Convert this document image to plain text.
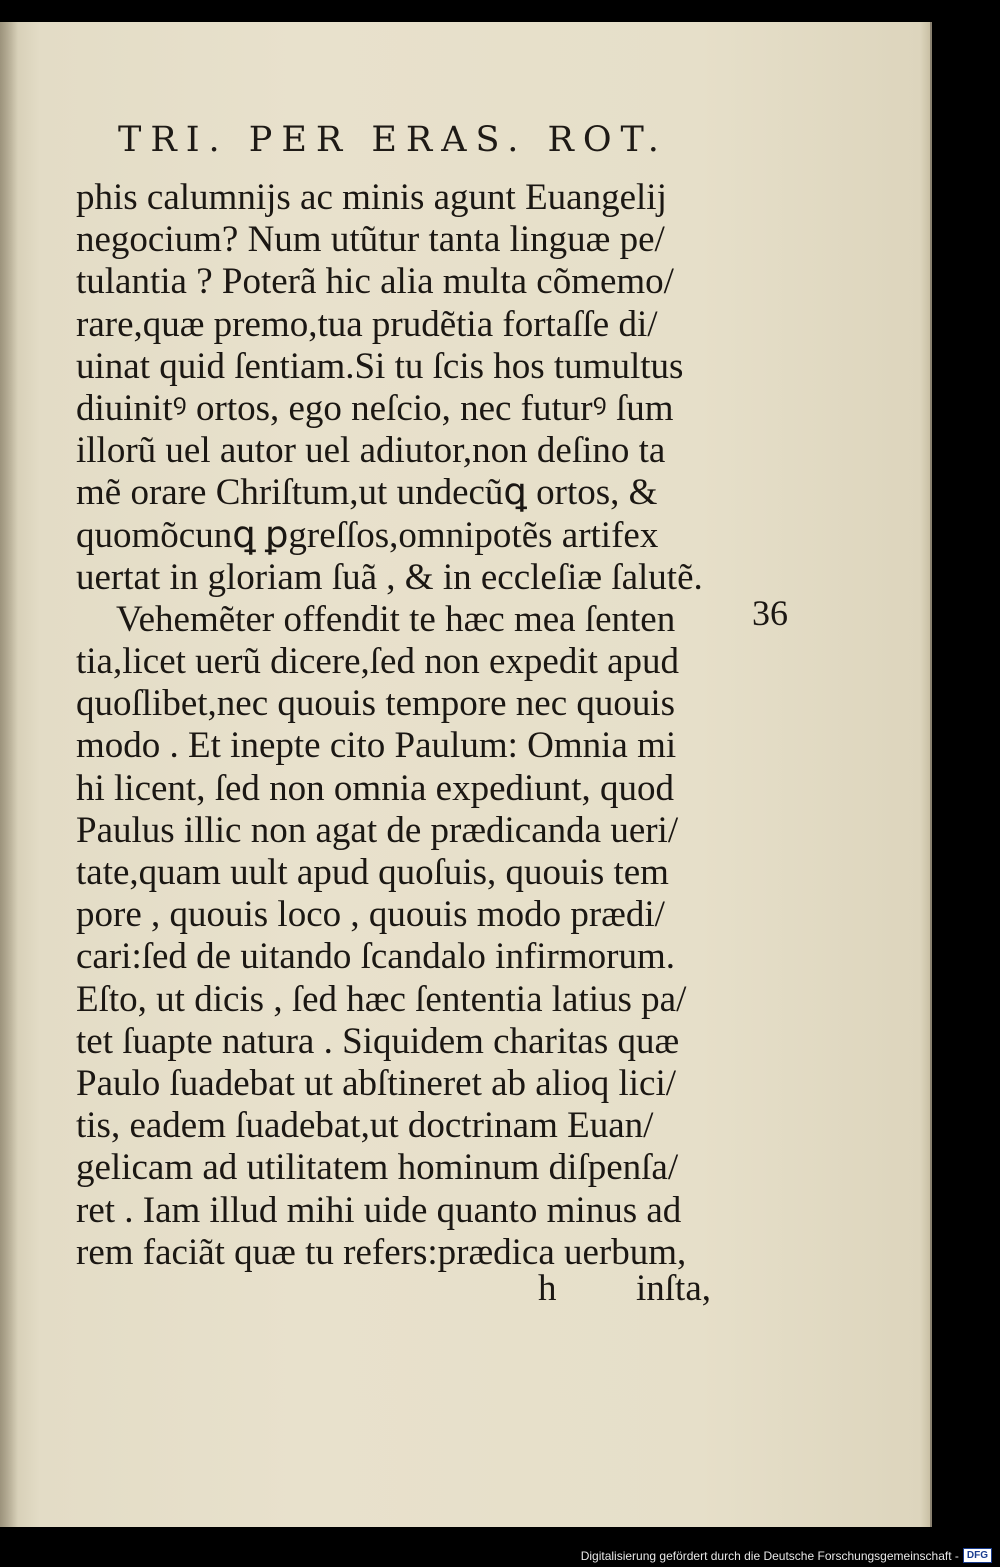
TRI. PER ERAS. ROT.
phis calumniјs ac minis agunt Euangelij
negocium? Num utũtur tanta linguæ pe/
tulantia ? Poterã hic alia multa cõmemo/
rare,quæ premo,tua prudẽtia fortaſſe di/
uinat quid ſentiam.Si tu ſcis hos tumultus
diuinitꝰ ortos, ego neſcio, nec futurꝰ ſum
illorũ uel autor uel adiutor,non deſino ta
mẽ orare Chriſtum,ut undecũꝗ ortos, &
quomõcunꝗ ꝑgreſſos,omnipotẽs artifex
uertat in gloriam ſuã , & in eccleſiæ ſalutẽ.
Vehemẽter offendit te hæc mea ſenten
tia,licet uerũ dicere,ſed non expedit apud
quoſlibet,nec quouis tempore nec quouis
modo . Et inepte cito Paulum: Omnia mi
hi licent, ſed non omnia expediunt, quod
Paulus illic non agat de prædicanda ueri/
tate,quam uult apud quoſuis, quouis tem
pore , quouis loco , quouis modo prædi/
cari:ſed de uitando ſcandalo infirmorum.
Eſto, ut dicis , ſed hæc ſententia latius pa/
tet ſuapte natura . Siquidem charitas quæ
Paulo ſuadebat ut abſtineret ab alioq lici/
tis, eadem ſuadebat,ut doctrinam Euan/
gelicam ad utilitatem hominum diſpenſa/
ret . Iam illud mihi uide quanto minus ad
rem faciãt quæ tu refers:prædica uerbum,
36
h inſta,
Digitalisierung gefördert durch die Deutsche Forschungsgemeinschaft - DFG
